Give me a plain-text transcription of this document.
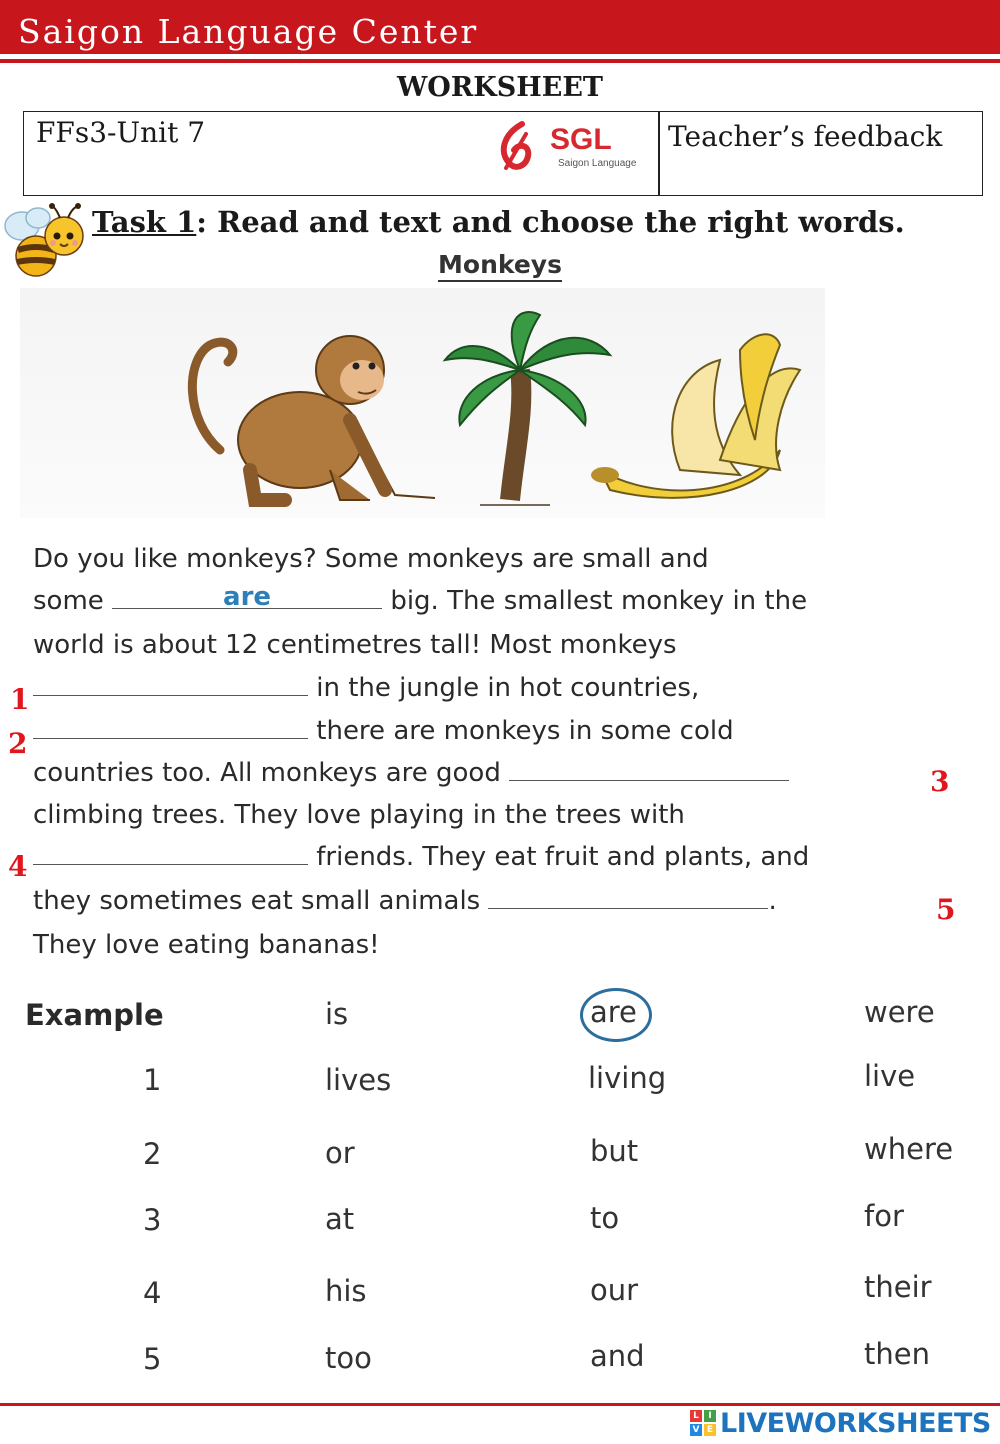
Saigon Language Center
WORKSHEET
FFs3-Unit 7	SGL
Saigon Language
Teacher’s feedback
Task 1: Read and text and choose the right words.
Monkeys
Do you like monkeys? Some monkeys are small and
some	are	big. The smallest monkey in the
world is about 12 centimetres tall! Most monkeys
in the jungle in hot countries,
there are monkeys in some cold
countries too. All monkeys are good
climbing trees. They love playing in the trees with
friends. They eat fruit and plants, and
they sometimes eat small animals	.
They love eating bananas!
1
2
3
4
5
Example	is	are	were
1	lives	living	live
2	or	but	where
3	at	to	for
4	his	our	their
5	too	and	then
L	I
V E LIVEWORKSHEETS
